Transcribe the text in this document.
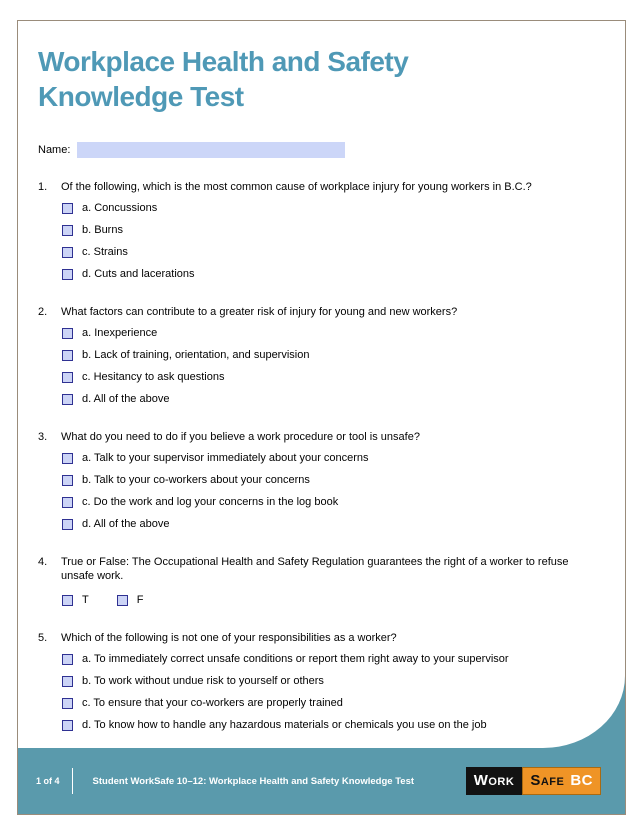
Workplace Health and Safety
Knowledge Test
Name:
1.	Of the following, which is the most common cause of workplace injury for young workers in B.C.?
a. Concussions
b. Burns
c. Strains
d. Cuts and lacerations
2.	What factors can contribute to a greater risk of injury for young and new workers?
a. Inexperience
b. Lack of training, orientation, and supervision
c. Hesitancy to ask questions
d. All of the above
3.	What do you need to do if you believe a work procedure or tool is unsafe?
a. Talk to your supervisor immediately about your concerns
b. Talk to your co-workers about your concerns
c. Do the work and log your concerns in the log book
d. All of the above
4.	True or False: The Occupational Health and Safety Regulation guarantees the right of a worker to refuse unsafe work.
T	F
5.	Which of the following is not one of your responsibilities as a worker?
a. To immediately correct unsafe conditions or report them right away to your supervisor
b. To work without undue risk to yourself or others
c. To ensure that your co-workers are properly trained
d. To know how to handle any hazardous materials or chemicals you use on the job
1 of 4	Student WorkSafe 10–12: Workplace Health and Safety Knowledge Test	Work	Safe BC
